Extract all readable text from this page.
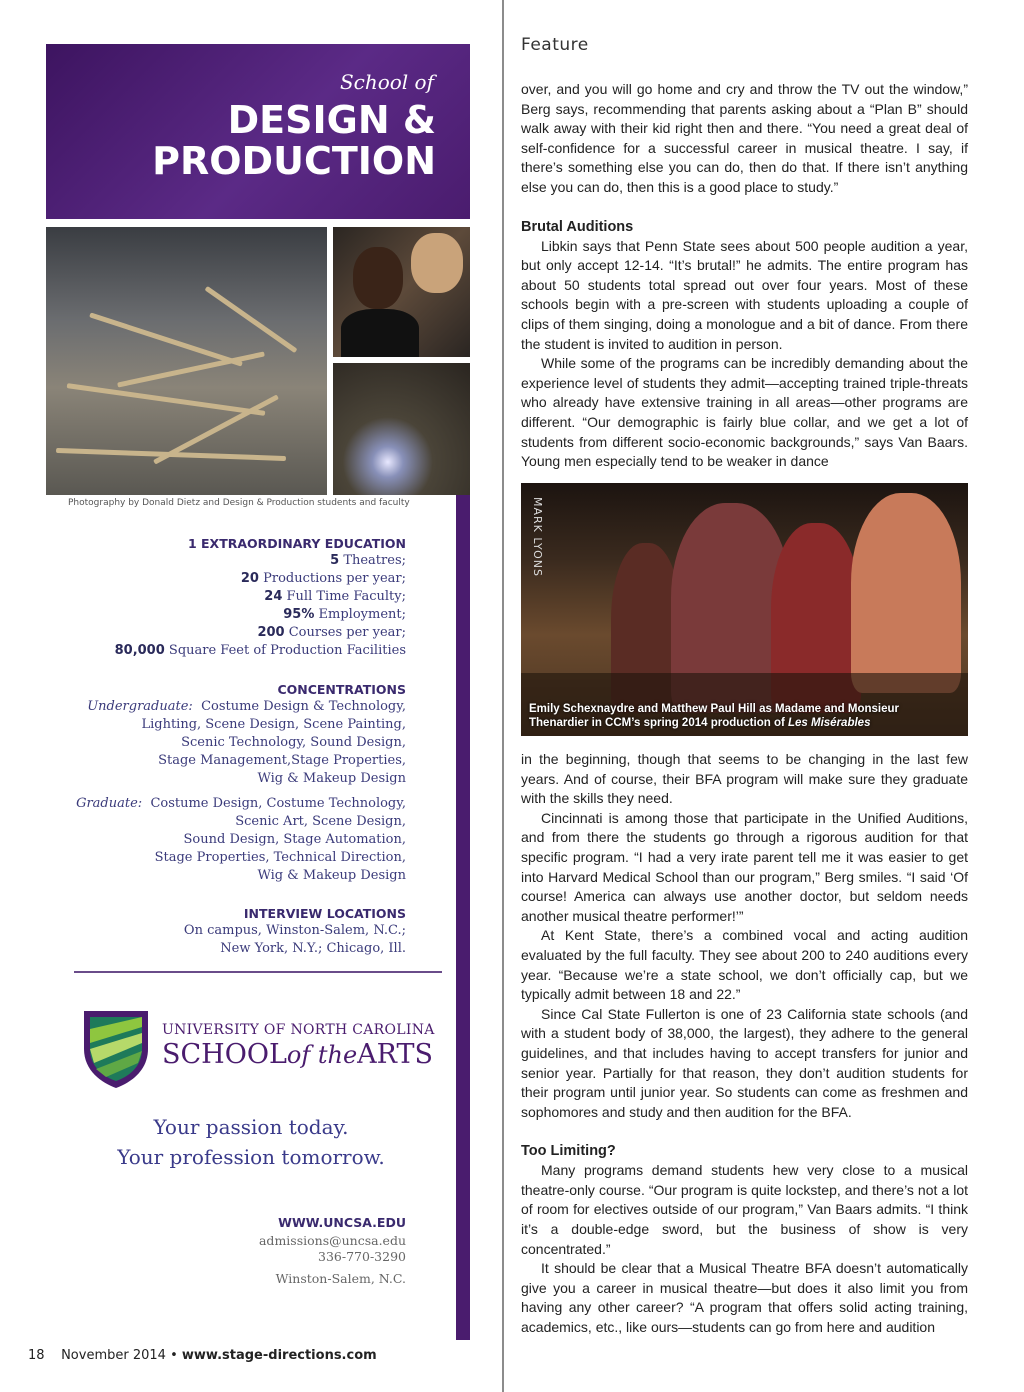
School of
DESIGN &
PRODUCTION
Photography by Donald Dietz and Design & Production students and faculty
1 EXTRAORDINARY EDUCATION
5 Theatres;
20 Productions per year;
24 Full Time Faculty;
95% Employment;
200 Courses per year;
80,000 Square Feet of Production Facilities
CONCENTRATIONS
Undergraduate: Costume Design & Technology,
Lighting, Scene Design, Scene Painting,
Scenic Technology, Sound Design,
Stage Management,Stage Properties,
Wig & Makeup Design
Graduate: Costume Design, Costume Technology,
Scenic Art, Scene Design,
Sound Design, Stage Automation,
Stage Properties, Technical Direction,
Wig & Makeup Design
INTERVIEW LOCATIONS
On campus, Winston-Salem, N.C.;
New York, N.Y.; Chicago, Ill.
UNIVERSITY OF NORTH CAROLINA
SCHOOLof theARTS
Your passion today.
Your profession tomorrow.
WWW.UNCSA.EDU
admissions@uncsa.edu
336-770-3290
Winston-Salem, N.C.
18 November 2014 • www.stage-directions.com
Feature

over, and you will go home and cry and throw the TV out the window,” Berg says, recommending that parents asking about a “Plan B” should walk away with their kid right then and there. “You need a great deal of self-confidence for a successful career in musical theatre. I say, if there’s something else you can do, then do that. If there isn’t anything else you can do, then this is a good place to study.”

Brutal Auditions

Libkin says that Penn State sees about 500 people audition a year, but only accept 12-14. “It’s brutal!” he admits. The entire program has about 50 students total spread out over four years. Most of these schools begin with a pre-screen with students uploading a couple of clips of them singing, doing a monologue and a bit of dance. From there the student is invited to audition in person.

While some of the programs can be incredibly demanding about the experience level of students they admit—accepting trained triple-threats who already have extensive training in all areas—other programs are different. “Our demographic is fairly blue collar, and we get a lot of students from different socio-economic backgrounds,” says Van Baars. Young men especially tend to be weaker in dance

MARK LYONS
Emily Schexnaydre and Matthew Paul Hill as Madame and Monsieur
Thenardier in CCM’s spring 2014 production of Les Misérables

in the beginning, though that seems to be changing in the last few years. And of course, their BFA program will make sure they graduate with the skills they need.

Cincinnati is among those that participate in the Unified Auditions, and from there the students go through a rigorous audition for that specific program. “I had a very irate parent tell me it was easier to get into Harvard Medical School than our program,” Berg smiles. “I said ‘Of course! America can always use another doctor, but seldom needs another musical theatre performer!’”

At Kent State, there’s a combined vocal and acting audition evaluated by the full faculty. They see about 200 to 240 auditions every year. “Because we’re a state school, we don’t officially cap, but we typically admit between 18 and 22.”

Since Cal State Fullerton is one of 23 California state schools (and with a student body of 38,000, the largest), they adhere to the general guidelines, and that includes having to accept transfers for junior and senior year. Partially for that reason, they don’t audition students for their program until junior year. So students can come as freshmen and sophomores and study and then audition for the BFA.

Too Limiting?

Many programs demand students hew very close to a musical theatre-only course. “Our program is quite lockstep, and there’s not a lot of room for electives outside of our program,” Van Baars admits. “I think it’s a double-edge sword, but the business of show is very concentrated.”

It should be clear that a Musical Theatre BFA doesn’t automatically give you a career in musical theatre—but does it also limit you from having any other career? “A program that offers solid acting training, academics, etc., like ours—students can go from here and audition
